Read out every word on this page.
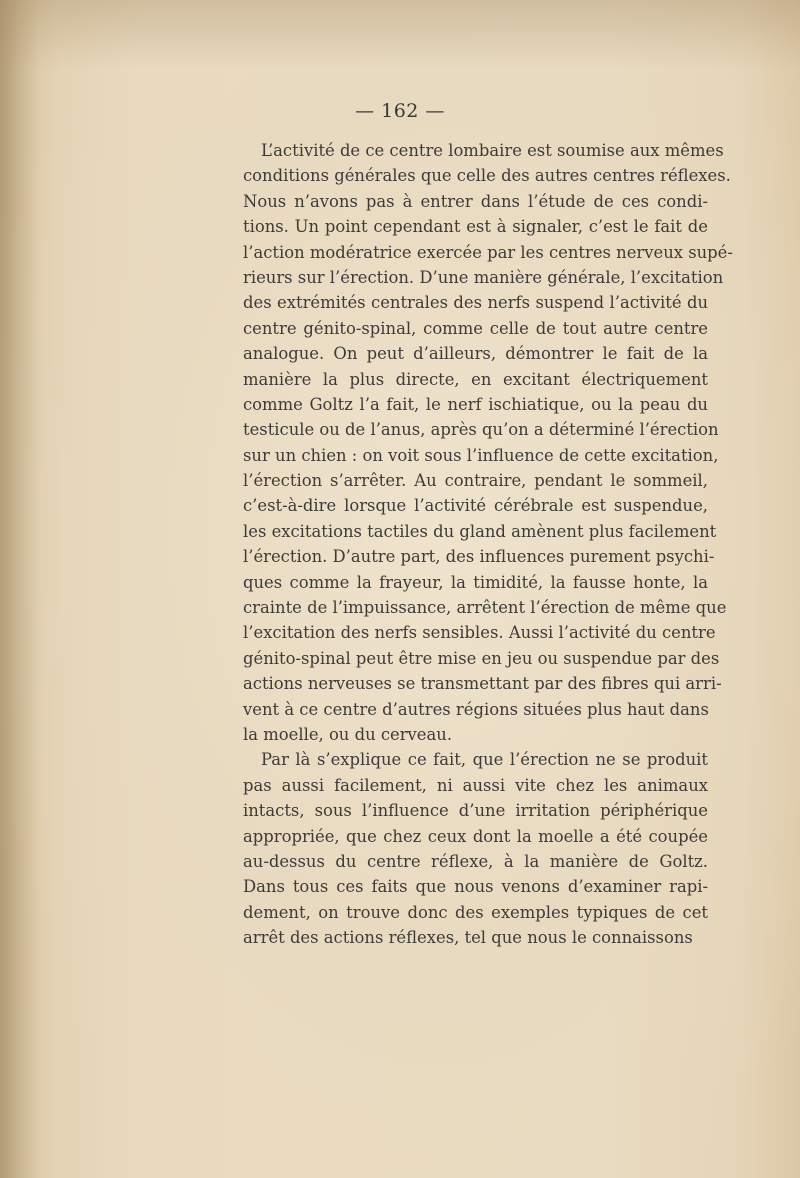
— 162 —
L’activité de ce centre lombaire est soumise aux mêmes
conditions générales que celle des autres centres réflexes.
Nous n’avons pas à entrer dans l’étude de ces condi-
tions. Un point cependant est à signaler, c’est le fait de
l’action modératrice exercée par les centres nerveux supé-
rieurs sur l’érection. D’une manière générale, l’excitation
des extrémités centrales des nerfs suspend l’activité du
centre génito-spinal, comme celle de tout autre centre
analogue. On peut d’ailleurs, démontrer le fait de la
manière la plus directe, en excitant électriquement
comme Goltz l’a fait, le nerf ischiatique, ou la peau du
testicule ou de l’anus, après qu’on a déterminé l’érection
sur un chien : on voit sous l’influence de cette excitation,
l’érection s’arrêter. Au contraire, pendant le sommeil,
c’est-à-dire lorsque l’activité cérébrale est suspendue,
les excitations tactiles du gland amènent plus facilement
l’érection. D’autre part, des influences purement psychi-
ques comme la frayeur, la timidité, la fausse honte, la
crainte de l’impuissance, arrêtent l’érection de même que
l’excitation des nerfs sensibles. Aussi l’activité du centre
génito-spinal peut être mise en jeu ou suspendue par des
actions nerveuses se transmettant par des fibres qui arri-
vent à ce centre d’autres régions situées plus haut dans
la moelle, ou du cerveau.
Par là s’explique ce fait, que l’érection ne se produit
pas aussi facilement, ni aussi vite chez les animaux
intacts, sous l’influence d’une irritation périphérique
appropriée, que chez ceux dont la moelle a été coupée
au-dessus du centre réflexe, à la manière de Goltz.
Dans tous ces faits que nous venons d’examiner rapi-
dement, on trouve donc des exemples typiques de cet
arrêt des actions réflexes, tel que nous le connaissons
